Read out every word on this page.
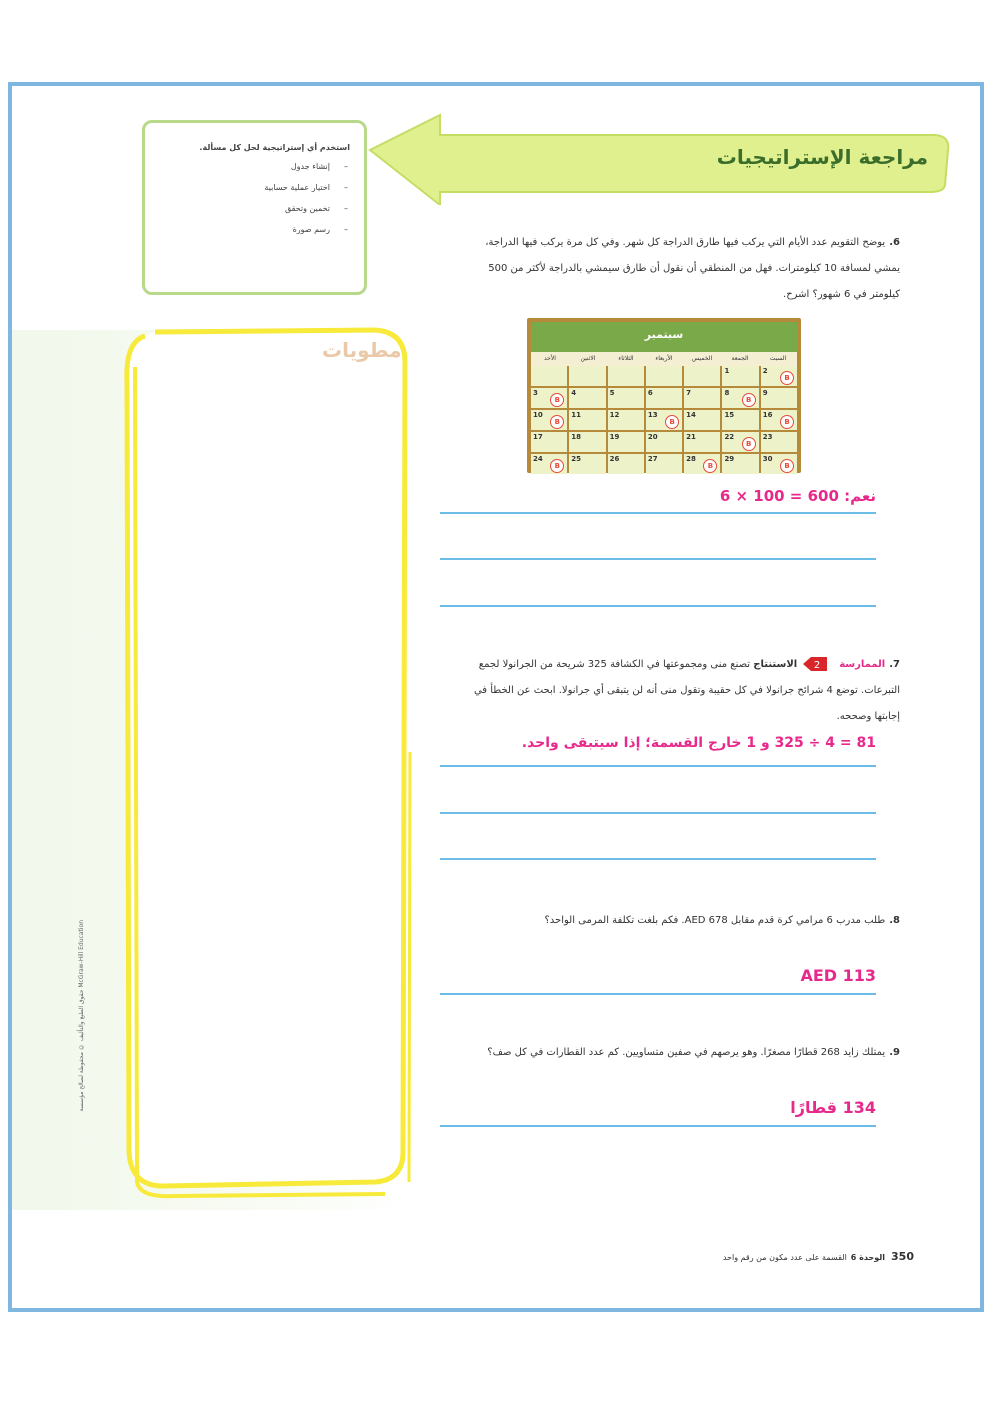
مراجعة الإستراتيجيات
استخدم أي إستراتيجية لحل كل مسألة.
– إنشاء جدول
– اختيار عملية حسابية
– تخمين وتحقق
– رسم صورة
مطويات
حقوق الطبع والتأليف © محفوظة لصالح مؤسسة McGraw-Hill Education
6.يوضح التقويم عدد الأيام التي يركب فيها طارق الدراجة كل شهر. وفي كل مرة يركب فيها الدراجة، يمشي لمسافة 10 كيلومترات. فهل من المنطقي أن نقول أن طارق سيمشي بالدراجة لأكثر من 500 كيلومتر في 6 شهور؟ اشرح.
سبتمبر
السبت
الجمعة
الخميس
الأربعاء
الثلاثاء
الاثنين
الأحد
2
B
1
9
8
B
7
6
5
4
3
B
16
B
15
14
13
B
12
11
10
B
23
22
B
21
20
19
18
17
30
B
29
28
B
27
26
25
24
B
نعم: 600 = 100 × 6
7.الممارسة
2
الاستنتاج تصنع منى ومجموعتها في الكشافة 325 شريحة من الجرانولا لجمع التبرعات. توضع 4 شرائح جرانولا في كل حقيبة وتقول منى أنه لن يتبقى أي جرانولا. ابحث عن الخطأ في إجابتها وصححه.
81 = 4 ÷ 325 و 1 خارج القسمة؛ إذا سيتبقى واحد.
8.طلب مدرب 6 مرامي كرة قدم مقابل AED 678. فكم بلغت تكلفة المرمى الواحد؟
AED 113
9.يمتلك زايد 268 قطارًا مصغرًا. وهو يرصهم في صفين متساويين. كم عدد القطارات في كل صف؟
134 قطارًا
350الوحدة 6القسمة على عدد مكون من رقم واحد
